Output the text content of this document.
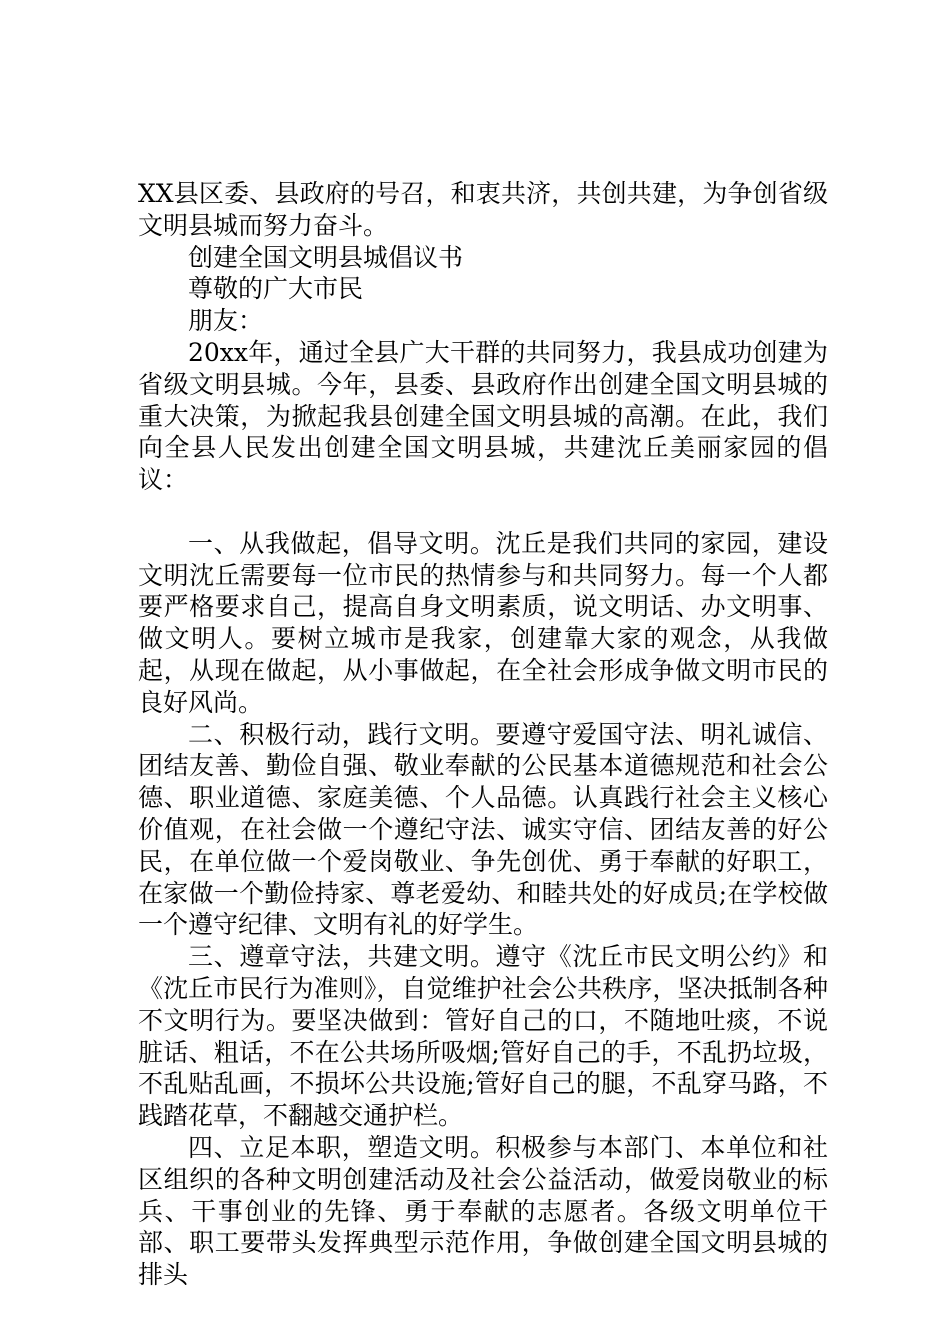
XX县区委、县政府的号召，和衷共济，共创共建，为争创省级文明县城而努力奋斗。

创建全国文明县城倡议书

尊敬的广大市民

朋友：

20xx年，通过全县广大干群的共同努力，我县成功创建为省级文明县城。今年，县委、县政府作出创建全国文明县城的重大决策，为掀起我县创建全国文明县城的高潮。在此，我们向全县人民发出创建全国文明县城，共建沈丘美丽家园的倡议：

一、从我做起，倡导文明。沈丘是我们共同的家园，建设文明沈丘需要每一位市民的热情参与和共同努力。每一个人都要严格要求自己，提高自身文明素质，说文明话、办文明事、做文明人。要树立城市是我家，创建靠大家的观念，从我做起，从现在做起，从小事做起，在全社会形成争做文明市民的良好风尚。

二、积极行动，践行文明。要遵守爱国守法、明礼诚信、团结友善、勤俭自强、敬业奉献的公民基本道德规范和社会公德、职业道德、家庭美德、个人品德。认真践行社会主义核心价值观，在社会做一个遵纪守法、诚实守信、团结友善的好公民，在单位做一个爱岗敬业、争先创优、勇于奉献的好职工，在家做一个勤俭持家、尊老爱幼、和睦共处的好成员;在学校做一个遵守纪律、文明有礼的好学生。

三、遵章守法，共建文明。遵守《沈丘市民文明公约》和《沈丘市民行为准则》，自觉维护社会公共秩序，坚决抵制各种不文明行为。要坚决做到：管好自己的口，不随地吐痰，不说脏话、粗话，不在公共场所吸烟;管好自己的手，不乱扔垃圾，不乱贴乱画，不损坏公共设施;管好自己的腿，不乱穿马路，不践踏花草，不翻越交通护栏。

四、立足本职，塑造文明。积极参与本部门、本单位和社区组织的各种文明创建活动及社会公益活动，做爱岗敬业的标兵、干事创业的先锋、勇于奉献的志愿者。各级文明单位干部、职工要带头发挥典型示范作用，争做创建全国文明县城的排头
